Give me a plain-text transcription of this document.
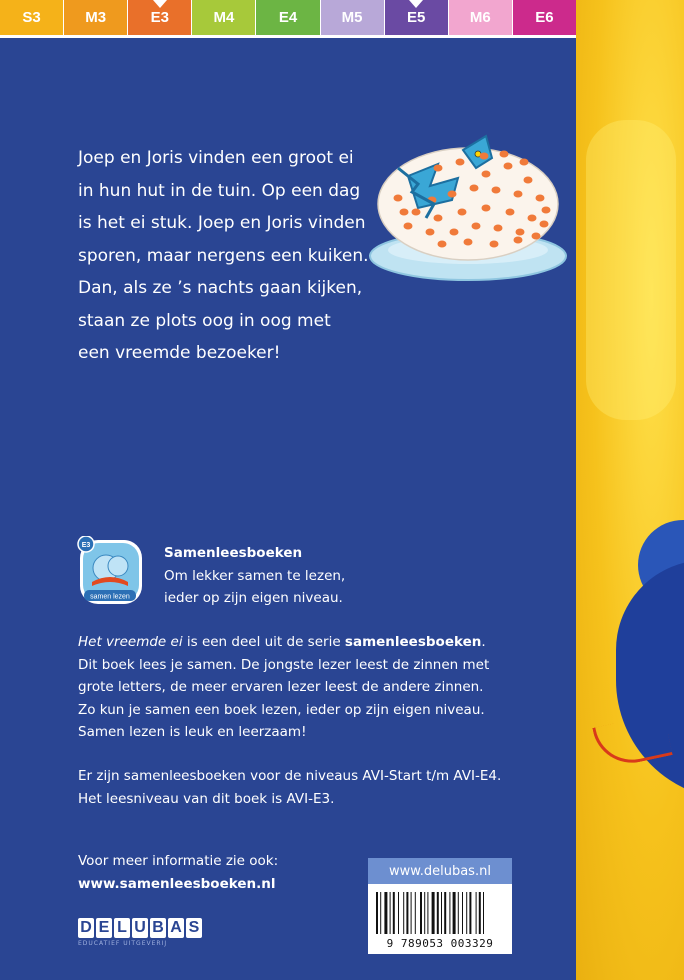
S3	M3	E3	M4	E4	M5	E5	M6	E6

Joep en Joris vinden een groot ei

in hun hut in de tuin. Op een dag

is het ei stuk. Joep en Joris vinden

sporen, maar nergens een kuiken.

Dan, als ze ’s nachts gaan kijken,

staan ze plots oog in oog met

een vreemde bezoeker!

E3
samen lezen
Samenleesboeken
Om lekker samen te lezen,
ieder op zijn eigen niveau.
Het vreemde ei is een deel uit de serie samenleesboeken.
Dit boek lees je samen. De jongste lezer leest de zinnen met
grote letters, de meer ervaren lezer leest de andere zinnen.
Zo kun je samen een boek lezen, ieder op zijn eigen niveau.
Samen lezen is leuk en leerzaam!
Er zijn samenleesboeken voor de niveaus AVI-Start t/m AVI-E4.
Het leesniveau van dit boek is AVI-E3.
Voor meer informatie zie ook:
www.samenleesboeken.nl
D E L U B A S
EDUCATIEF UITGEVERIJ
www.delubas.nl
9 789053 003329
